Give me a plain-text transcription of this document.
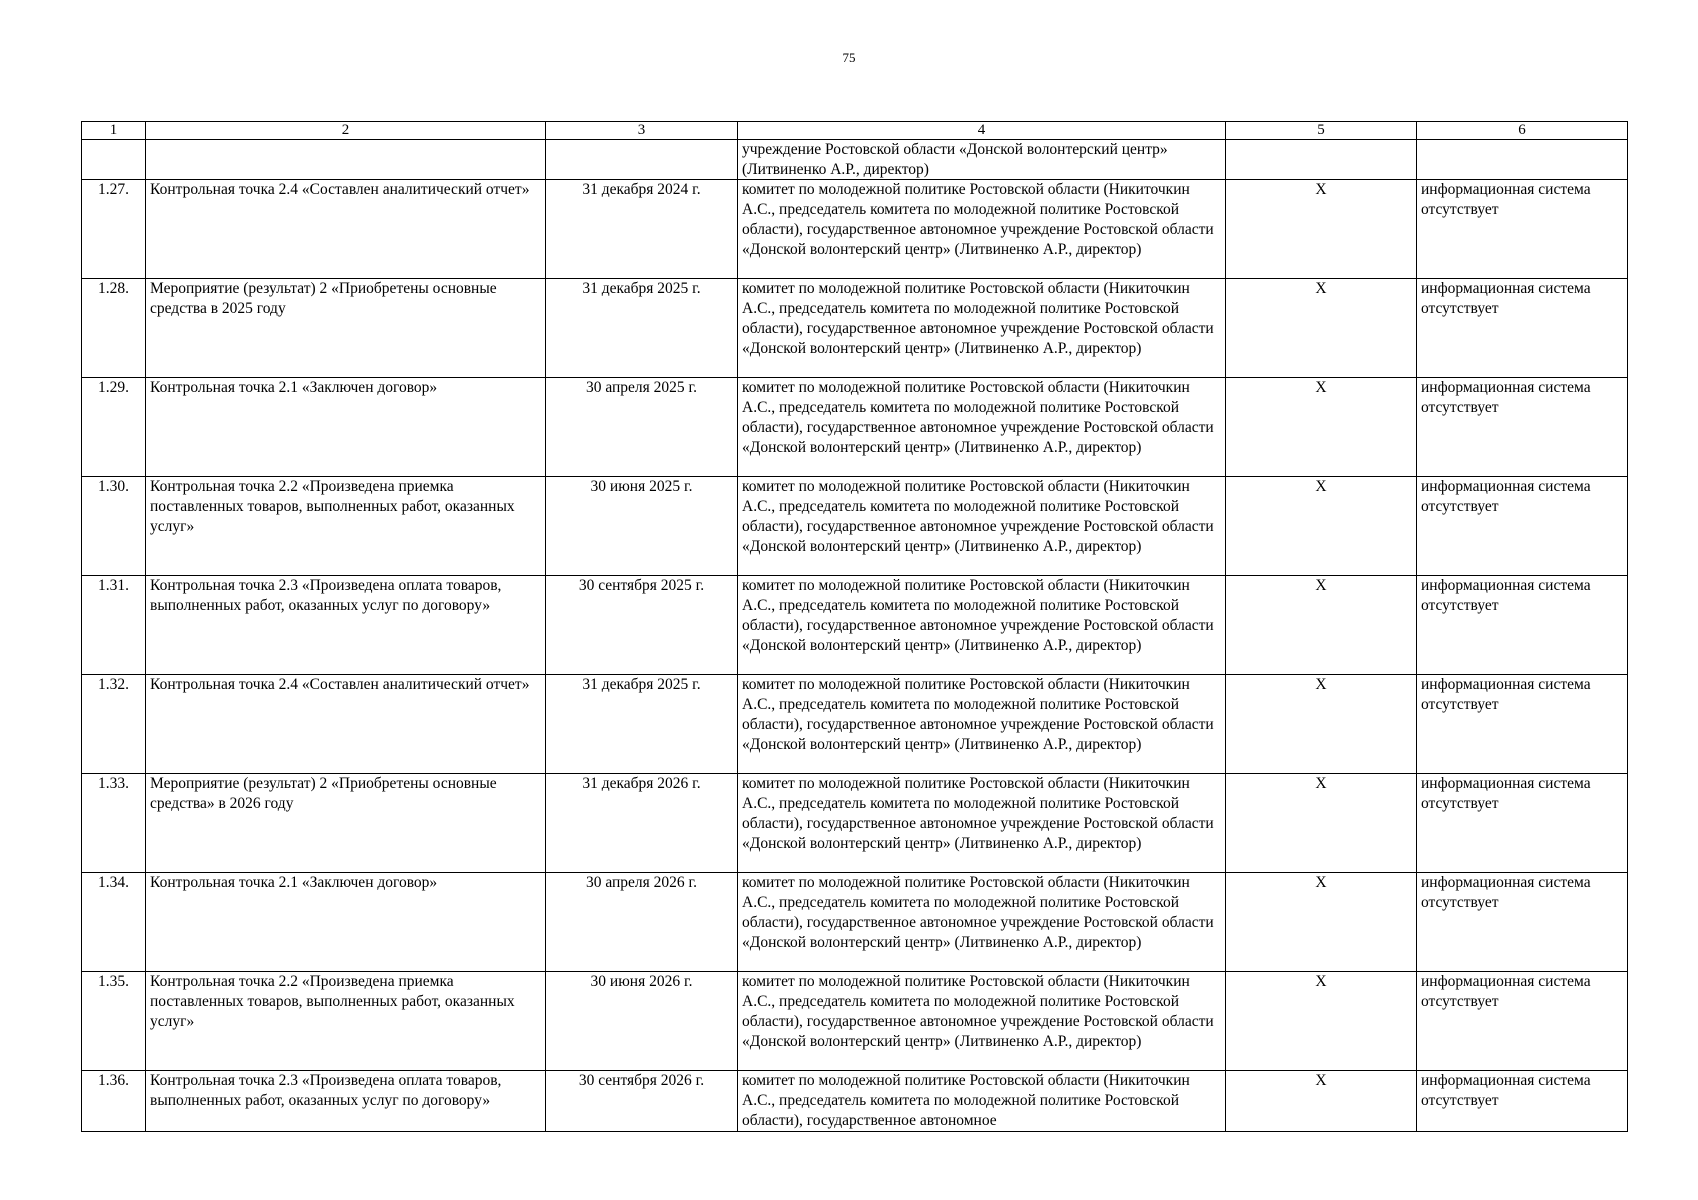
75
1	2	3	4	5	6
			учреждение Ростовской области «Донской волонтерский центр» (Литвиненко А.Р., директор)		
1.27.	Контрольная точка 2.4 «Составлен аналитический отчет»	31 декабря 2024 г.	комитет по молодежной политике Ростовской области (Никиточкин А.С., председатель комитета по молодежной политике Ростовской области), государственное автономное учреждение Ростовской области «Донской волонтерский центр» (Литвиненко А.Р., директор)	X	информационная система отсутствует
1.28.	Мероприятие (результат) 2 «Приобретены основные средства в 2025 году	31 декабря 2025 г.	комитет по молодежной политике Ростовской области (Никиточкин А.С., председатель комитета по молодежной политике Ростовской области), государственное автономное учреждение Ростовской области «Донской волонтерский центр» (Литвиненко А.Р., директор)	X	информационная система отсутствует
1.29.	Контрольная точка 2.1 «Заключен договор»	30 апреля 2025 г.	комитет по молодежной политике Ростовской области (Никиточкин А.С., председатель комитета по молодежной политике Ростовской области), государственное автономное учреждение Ростовской области «Донской волонтерский центр» (Литвиненко А.Р., директор)	X	информационная система отсутствует
1.30.	Контрольная точка 2.2 «Произведена приемка поставленных товаров, выполненных работ, оказанных услуг»	30 июня 2025 г.	комитет по молодежной политике Ростовской области (Никиточкин А.С., председатель комитета по молодежной политике Ростовской области), государственное автономное учреждение Ростовской области «Донской волонтерский центр» (Литвиненко А.Р., директор)	X	информационная система отсутствует
1.31.	Контрольная точка 2.3 «Произведена оплата товаров, выполненных работ, оказанных услуг по договору»	30 сентября 2025 г.	комитет по молодежной политике Ростовской области (Никиточкин А.С., председатель комитета по молодежной политике Ростовской области), государственное автономное учреждение Ростовской области «Донской волонтерский центр» (Литвиненко А.Р., директор)	X	информационная система отсутствует
1.32.	Контрольная точка 2.4 «Составлен аналитический отчет»	31 декабря 2025 г.	комитет по молодежной политике Ростовской области (Никиточкин А.С., председатель комитета по молодежной политике Ростовской области), государственное автономное учреждение Ростовской области «Донской волонтерский центр» (Литвиненко А.Р., директор)	X	информационная система отсутствует
1.33.	Мероприятие (результат) 2 «Приобретены основные средства» в 2026 году	31 декабря 2026 г.	комитет по молодежной политике Ростовской области (Никиточкин А.С., председатель комитета по молодежной политике Ростовской области), государственное автономное учреждение Ростовской области «Донской волонтерский центр» (Литвиненко А.Р., директор)	X	информационная система отсутствует
1.34.	Контрольная точка 2.1 «Заключен договор»	30 апреля 2026 г.	комитет по молодежной политике Ростовской области (Никиточкин А.С., председатель комитета по молодежной политике Ростовской области), государственное автономное учреждение Ростовской области «Донской волонтерский центр» (Литвиненко А.Р., директор)	X	информационная система отсутствует
1.35.	Контрольная точка 2.2 «Произведена приемка поставленных товаров, выполненных работ, оказанных услуг»	30 июня 2026 г.	комитет по молодежной политике Ростовской области (Никиточкин А.С., председатель комитета по молодежной политике Ростовской области), государственное автономное учреждение Ростовской области «Донской волонтерский центр» (Литвиненко А.Р., директор)	X	информационная система отсутствует
1.36.	Контрольная точка 2.3 «Произведена оплата товаров, выполненных работ, оказанных услуг по договору»	30 сентября 2026 г.	комитет по молодежной политике Ростовской области (Никиточкин А.С., председатель комитета по молодежной политике Ростовской области), государственное автономное	X	информационная система отсутствует
